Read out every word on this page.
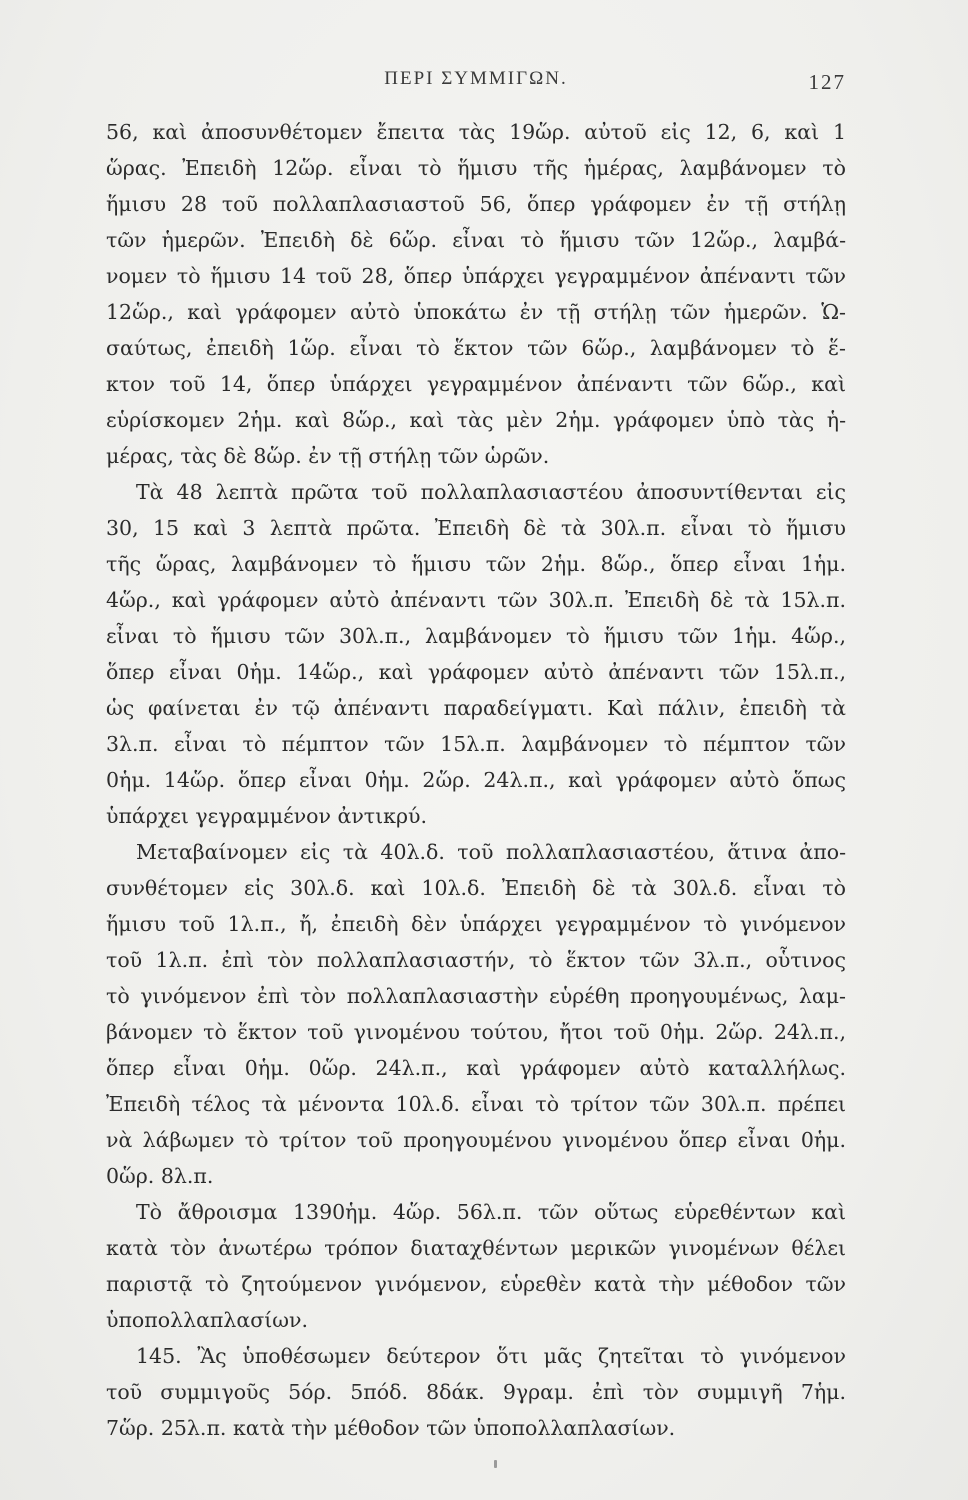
ΠΕΡΙ ΣΥΜΜΙΓΩΝ.	127
56, καὶ ἀποσυνθέτομεν ἔπειτα τὰς 19ὥρ. αὐτοῦ εἰς 12, 6, καὶ 1
ὥρας. Ἐπειδὴ 12ὥρ. εἶναι τὸ ἥμισυ τῆς ἡμέρας, λαμβάνομεν τὸ
ἥμισυ 28 τοῦ πολλαπλασιαστοῦ 56, ὅπερ γράφομεν ἐν τῇ στήλῃ
τῶν ἡμερῶν. Ἐπειδὴ δὲ 6ὥρ. εἶναι τὸ ἥμισυ τῶν 12ὥρ., λαμβά-
νομεν τὸ ἥμισυ 14 τοῦ 28, ὅπερ ὑπάρχει γεγραμμένον ἀπέναντι τῶν
12ὥρ., καὶ γράφομεν αὐτὸ ὑποκάτω ἐν τῇ στήλῃ τῶν ἡμερῶν. Ὡ-
σαύτως, ἐπειδὴ 1ὥρ. εἶναι τὸ ἕκτον τῶν 6ὥρ., λαμβάνομεν τὸ ἕ-
κτον τοῦ 14, ὅπερ ὑπάρχει γεγραμμένον ἀπέναντι τῶν 6ὥρ., καὶ
εὑρίσκομεν 2ἡμ. καὶ 8ὥρ., καὶ τὰς μὲν 2ἡμ. γράφομεν ὑπὸ τὰς ἡ-
μέρας, τὰς δὲ 8ὥρ. ἐν τῇ στήλῃ τῶν ὡρῶν.
Τὰ 48 λεπτὰ πρῶτα τοῦ πολλαπλασιαστέου ἀποσυντίθενται εἰς
30, 15 καὶ 3 λεπτὰ πρῶτα. Ἐπειδὴ δὲ τὰ 30λ.π. εἶναι τὸ ἥμισυ
τῆς ὥρας, λαμβάνομεν τὸ ἥμισυ τῶν 2ἡμ. 8ὥρ., ὅπερ εἶναι 1ἡμ.
4ὥρ., καὶ γράφομεν αὐτὸ ἀπέναντι τῶν 30λ.π. Ἐπειδὴ δὲ τὰ 15λ.π.
εἶναι τὸ ἥμισυ τῶν 30λ.π., λαμβάνομεν τὸ ἥμισυ τῶν 1ἡμ. 4ὥρ.,
ὅπερ εἶναι 0ἡμ. 14ὥρ., καὶ γράφομεν αὐτὸ ἀπέναντι τῶν 15λ.π.,
ὡς φαίνεται ἐν τῷ ἀπέναντι παραδείγματι. Καὶ πάλιν, ἐπειδὴ τὰ
3λ.π. εἶναι τὸ πέμπτον τῶν 15λ.π. λαμβάνομεν τὸ πέμπτον τῶν
0ἡμ. 14ὥρ. ὅπερ εἶναι 0ἡμ. 2ὥρ. 24λ.π., καὶ γράφομεν αὐτὸ ὅπως
ὑπάρχει γεγραμμένον ἀντικρύ.
Μεταβαίνομεν εἰς τὰ 40λ.δ. τοῦ πολλαπλασιαστέου, ἅτινα ἀπο-
συνθέτομεν εἰς 30λ.δ. καὶ 10λ.δ. Ἐπειδὴ δὲ τὰ 30λ.δ. εἶναι τὸ
ἥμισυ τοῦ 1λ.π., ἤ, ἐπειδὴ δὲν ὑπάρχει γεγραμμένον τὸ γινόμενον
τοῦ 1λ.π. ἐπὶ τὸν πολλαπλασιαστήν, τὸ ἕκτον τῶν 3λ.π., οὗτινος
τὸ γινόμενον ἐπὶ τὸν πολλαπλασιαστὴν εὑρέθη προηγουμένως, λαμ-
βάνομεν τὸ ἕκτον τοῦ γινομένου τούτου, ἤτοι τοῦ 0ἡμ. 2ὥρ. 24λ.π.,
ὅπερ εἶναι 0ἡμ. 0ὥρ. 24λ.π., καὶ γράφομεν αὐτὸ καταλλήλως.
Ἐπειδὴ τέλος τὰ μένοντα 10λ.δ. εἶναι τὸ τρίτον τῶν 30λ.π. πρέπει
νὰ λάβωμεν τὸ τρίτον τοῦ προηγουμένου γινομένου ὅπερ εἶναι 0ἡμ.
0ὥρ. 8λ.π.
Τὸ ἄθροισμα 1390ἡμ. 4ὥρ. 56λ.π. τῶν οὕτως εὑρεθέντων καὶ
κατὰ τὸν ἀνωτέρω τρόπον διαταχθέντων μερικῶν γινομένων θέλει
παριστᾷ τὸ ζητούμενον γινόμενον, εὑρεθὲν κατὰ τὴν μέθοδον τῶν
ὑποπολλαπλασίων.
145. Ἂς ὑποθέσωμεν δεύτερον ὅτι μᾶς ζητεῖται τὸ γινόμενον
τοῦ συμμιγοῦς 5όρ. 5πόδ. 8δάκ. 9γραμ. ἐπὶ τὸν συμμιγῆ 7ἡμ.
7ὥρ. 25λ.π. κατὰ τὴν μέθοδον τῶν ὑποπολλαπλασίων.
